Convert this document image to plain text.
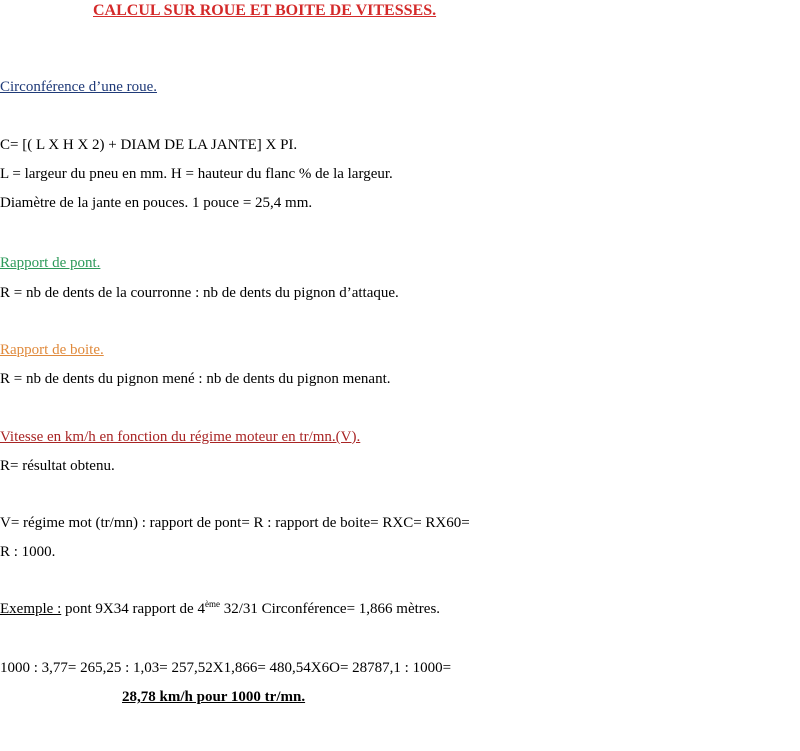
CALCUL SUR ROUE ET BOITE DE VITESSES.
Circonférence d’une roue.
C= [( L X H X 2) + DIAM DE LA JANTE] X PI.
L = largeur du pneu en mm. H = hauteur du flanc % de la largeur.
Diamètre de la jante en pouces. 1 pouce = 25,4 mm.
Rapport de pont.
R = nb de dents de la courronne : nb de dents du pignon d’attaque.
Rapport de boite.
R = nb de dents du pignon mené : nb de dents du pignon menant.
Vitesse en km/h en fonction du régime moteur en tr/mn.(V).
R= résultat obtenu.
V= régime mot (tr/mn) : rapport de pont= R : rapport de boite= RXC= RX60=
R : 1000.
Exemple : pont 9X34 rapport de 4ème 32/31 Circonférence= 1,866 mètres.
1000 : 3,77= 265,25 : 1,03= 257,52X1,866= 480,54X6O= 28787,1 : 1000=
28,78 km/h pour 1000 tr/mn.
